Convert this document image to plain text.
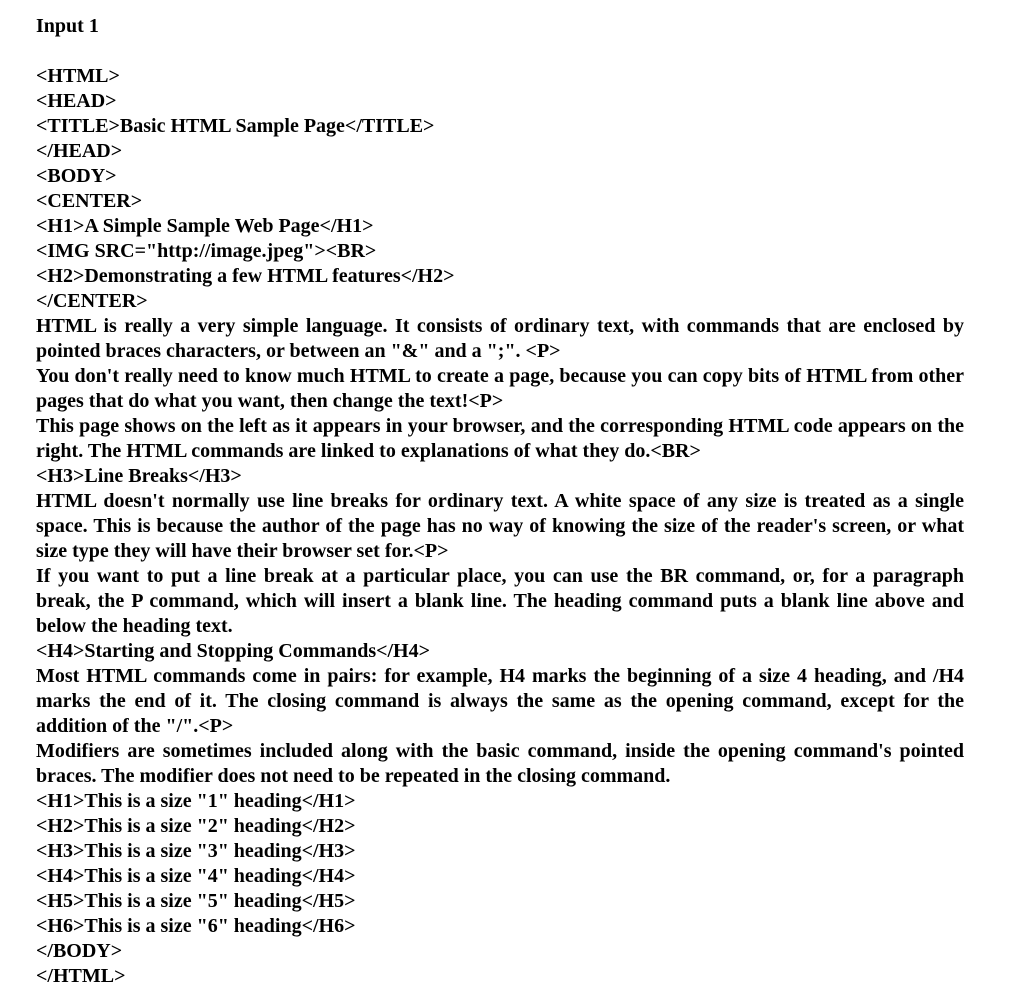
Input 1
<HTML>
<HEAD>
<TITLE>Basic HTML Sample Page</TITLE>
</HEAD>
<BODY>
<CENTER>
<H1>A Simple Sample Web Page</H1>
<IMG SRC="http://image.jpeg"><BR>
<H2>Demonstrating a few HTML features</H2>
</CENTER>
HTML is really a very simple language. It consists of ordinary text, with commands that are enclosed by pointed braces characters, or between an "&" and a ";". <P>
You don't really need to know much HTML to create a page, because you can copy bits of HTML from other pages that do what you want, then change the text!<P>
This page shows on the left as it appears in your browser, and the corresponding HTML code appears on the right. The HTML commands are linked to explanations of what they do.<BR>
<H3>Line Breaks</H3>
HTML doesn't normally use line breaks for ordinary text. A white space of any size is treated as a single space. This is because the author of the page has no way of knowing the size of the reader's screen, or what size type they will have their browser set for.<P>
If you want to put a line break at a particular place, you can use the BR command, or, for a paragraph break, the P command, which will insert a blank line. The heading command puts a blank line above and below the heading text.
<H4>Starting and Stopping Commands</H4>
Most HTML commands come in pairs: for example, H4 marks the beginning of a size 4 heading, and /H4 marks the end of it. The closing command is always the same as the opening command, except for the addition of the "/".<P>
Modifiers are sometimes included along with the basic command, inside the opening command's pointed braces. The modifier does not need to be repeated in the closing command.
<H1>This is a size "1" heading</H1>
<H2>This is a size "2" heading</H2>
<H3>This is a size "3" heading</H3>
<H4>This is a size "4" heading</H4>
<H5>This is a size "5" heading</H5>
<H6>This is a size "6" heading</H6>
</BODY>
</HTML>
